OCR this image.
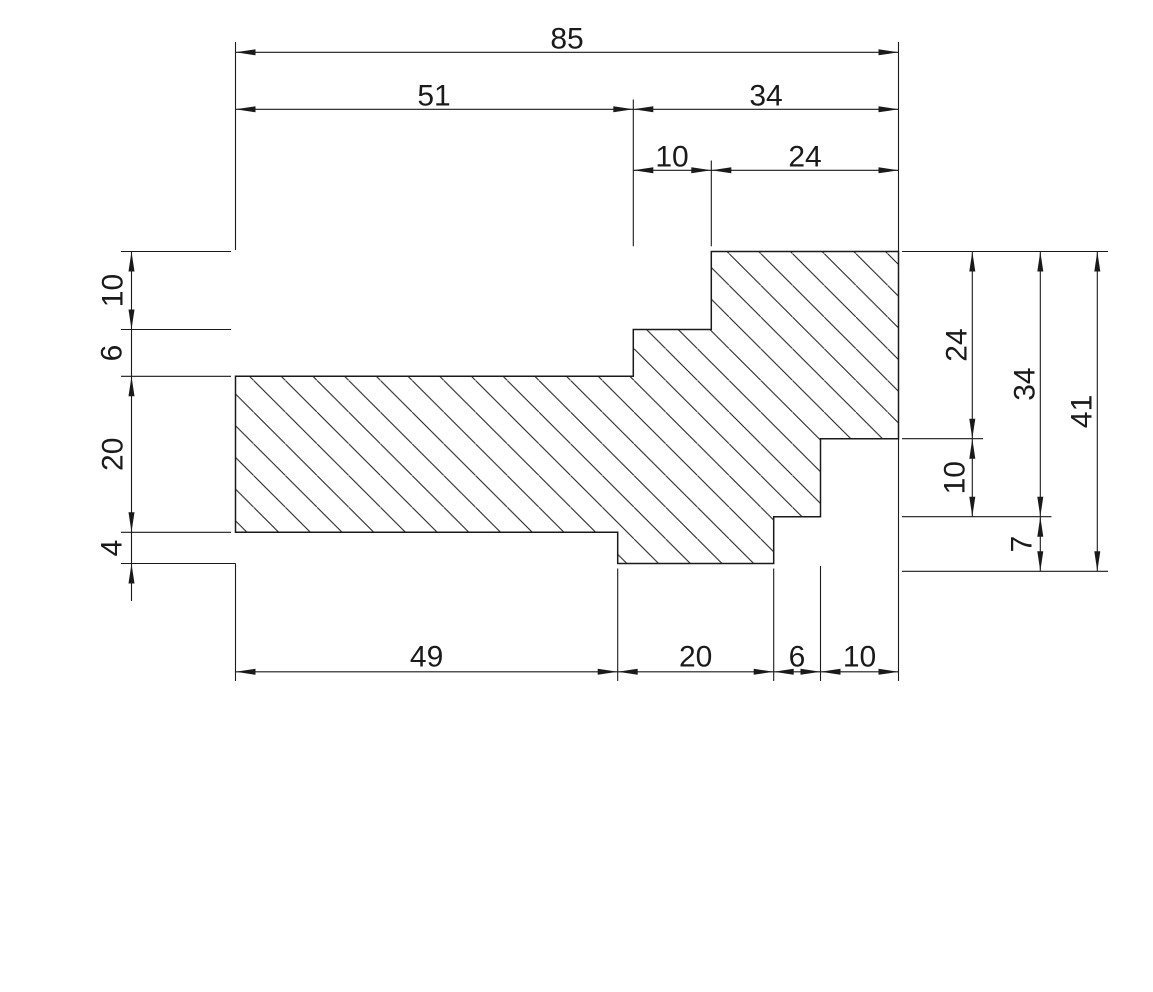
85
51	34
10	24
49	20	6 10
10
6
20
4
24
10
34
7
41
